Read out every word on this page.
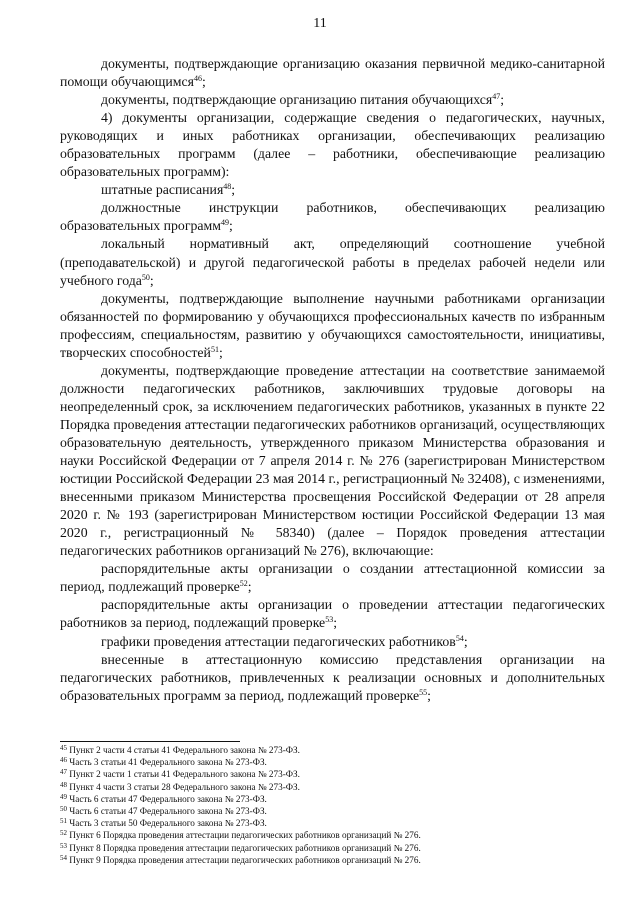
11

документы, подтверждающие организацию оказания первичной медико-санитарной помощи обучающимся$^{46}$;

документы, подтверждающие организацию питания обучающихся$^{47}$;

4) документы организации, содержащие сведения о педагогических, научных, руководящих и иных работниках организации, обеспечивающих реализацию образовательных программ (далее – работники, обеспечивающие реализацию образовательных программ):

штатные расписания$^{48}$;

должностные инструкции работников, обеспечивающих реализацию образовательных программ$^{49}$;

локальный нормативный акт, определяющий соотношение учебной (преподавательской) и другой педагогической работы в пределах рабочей недели или учебного года$^{50}$;

документы, подтверждающие выполнение научными работниками организации обязанностей по формированию у обучающихся профессиональных качеств по избранным профессиям, специальностям, развитию у обучающихся самостоятельности, инициативы, творческих способностей$^{51}$;

документы, подтверждающие проведение аттестации на соответствие занимаемой должности педагогических работников, заключивших трудовые договоры на неопределенный срок, за исключением педагогических работников, указанных в пункте 22 Порядка проведения аттестации педагогических работников организаций, осуществляющих образовательную деятельность, утвержденного приказом Министерства образования и науки Российской Федерации от 7 апреля 2014 г. № 276 (зарегистрирован Министерством юстиции Российской Федерации 23 мая 2014 г., регистрационный № 32408), с изменениями, внесенными приказом Министерства просвещения Российской Федерации от 28 апреля 2020 г. № 193 (зарегистрирован Министерством юстиции Российской Федерации 13 мая 2020 г., регистрационный № 58340) (далее – Порядок проведения аттестации педагогических работников организаций № 276), включающие:

распорядительные акты организации о создании аттестационной комиссии за период, подлежащий проверке$^{52}$;

распорядительные акты организации о проведении аттестации педагогических работников за период, подлежащий проверке$^{53}$;

графики проведения аттестации педагогических работников$^{54}$;

внесенные в аттестационную комиссию представления организации на педагогических работников, привлеченных к реализации основных и дополнительных образовательных программ за период, подлежащий проверке$^{55}$;

$^{45}$ Пункт 2 части 4 статьи 41 Федерального закона № 273-ФЗ.

$^{46}$ Часть 3 статьи 41 Федерального закона № 273-ФЗ.

$^{47}$ Пункт 2 части 1 статьи 41 Федерального закона № 273-ФЗ.

$^{48}$ Пункт 4 части 3 статьи 28 Федерального закона № 273-ФЗ.

$^{49}$ Часть 6 статьи 47 Федерального закона № 273-ФЗ.

$^{50}$ Часть 6 статьи 47 Федерального закона № 273-ФЗ.

$^{51}$ Часть 3 статьи 50 Федерального закона № 273-ФЗ.

$^{52}$ Пункт 6 Порядка проведения аттестации педагогических работников организаций № 276.

$^{53}$ Пункт 8 Порядка проведения аттестации педагогических работников организаций № 276.

$^{54}$ Пункт 9 Порядка проведения аттестации педагогических работников организаций № 276.
